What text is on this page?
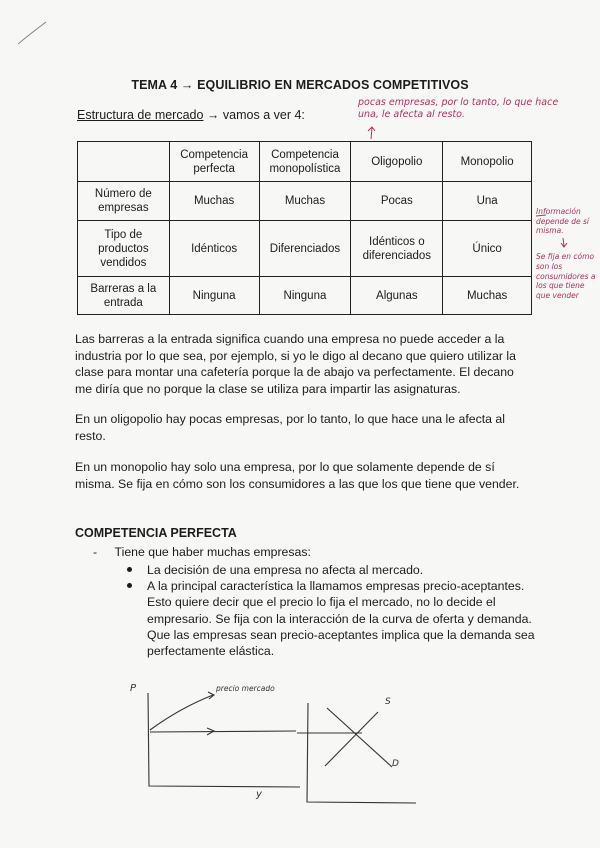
TEMA 4 → EQUILIBRIO EN MERCADOS COMPETITIVOS
Estructura de mercado → vamos a ver 4:
	Competencia perfecta	Competencia monopolística	Oligopolio	Monopolio
Número de empresas	Muchas	Muchas	Pocas	Una
Tipo de productos vendidos	Idénticos	Diferenciados	Idénticos o diferenciados	Único
Barreras a la entrada	Ninguna	Ninguna	Algunas	Muchas
Las barreras a la entrada significa cuando una empresa no puede acceder a la industria por lo que sea, por ejemplo, si yo le digo al decano que quiero utilizar la clase para montar una cafetería porque la de abajo va perfectamente. El decano me diría que no porque la clase se utiliza para impartir las asignaturas.
En un oligopolio hay pocas empresas, por lo tanto, lo que hace una le afecta al resto.
En un monopolio hay solo una empresa, por lo que solamente depende de sí misma. Se fija en cómo son los consumidores a las que los que tiene que vender.
COMPETENCIA PERFECTA
- Tiene que haber muchas empresas:
La decisión de una empresa no afecta al mercado.
A la principal característica la llamamos empresas precio-aceptantes. Esto quiere decir que el precio lo fija el mercado, no lo decide el empresario. Se fija con la interacción de la curva de oferta y demanda. Que las empresas sean precio-aceptantes implica que la demanda sea perfectamente elástica.
pocas empresas, por lo tanto, lo que hace una, le afecta al resto.
Información depende de sí misma.
Se fija en cómo son los consumidores a los que tiene que vender
P
y
precio mercado
S
D
